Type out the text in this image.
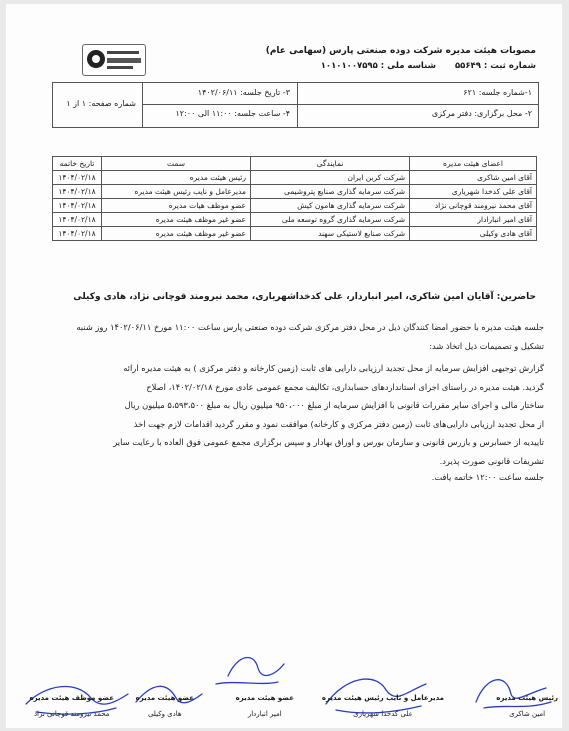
مصوبات هیئت مدیره شرکت دوده صنعتی پارس (سهامی عام)
شماره ثبت : ۵۵۶۴۹ شناسه ملی : ۱۰۱۰۱۰۰۷۵۹۵
۱-شماره جلسه: ۶۲۱
۲- محل برگزاری: دفتر مرکزی
۳- تاریخ جلسه: ۱۴۰۲/۰۶/۱۱
۴- ساعت جلسه: ۱۱:۰۰ الی ۱۲:۰۰
شماره صفحه: ۱ از ۱
اعضای هیئت مدیره	نمایندگی	سمت	تاریخ خاتمه
آقای امین شاکری	شرکت کربن ایران	رئیس هیئت مدیره	۱۴۰۴/۰۲/۱۸
آقای علی کدخدا شهریاری	شرکت سرمایه گذاری صنایع پتروشیمی	مدیرعامل و نایب رئیس هیئت مدیره	۱۴۰۴/۰۲/۱۸
آقای محمد نیرومند قوچانی نژاد	شرکت سرمایه گذاری هامون کیش	عضو موظف هیات مدیره	۱۴۰۴/۰۲/۱۸
آقای امیر انبارادار	شرکت سرمایه گذاری گروه توسعه ملی	عضو غیر موظف هیئت مدیره	۱۴۰۴/۰۲/۱۸
آقای هادی وکیلی	شرکت صنایع لاستیکی سهند	عضو غیر موظف هیئت مدیره	۱۴۰۴/۰۲/۱۸
حاضرین: آقایان امین شاکری، امیر انباردار، علی کدخداشهریاری، محمد نیرومند قوچانی نژاد، هادی وکیلی
جلسه هیئت مدیره با حضور امضا کنندگان ذیل در محل دفتر مرکزی شرکت دوده صنعتی پارس ساعت ۱۱:۰۰ مورخ ۱۴۰۲/۰۶/۱۱ روز شنبه
تشکیل و تصمیمات ذیل اتخاذ شد:
گزارش توجیهی افزایش سرمایه از محل تجدید ارزیابی دارایی های ثابت (زمین کارخانه و دفتر مرکزی ) به هیئت مدیره ارائه
گردید. هیئت مدیره در راستای اجرای استانداردهای حسابداری، تکالیف مجمع عمومی عادی مورخ ۱۴۰۲/۰۲/۱۸، اصلاح
ساختار مالی و اجرای سایر مقررات قانونی با افزایش سرمایه از مبلغ ۹۵۰،۰۰۰ میلیون ریال به مبلغ ۵،۵۹۳،۵۰۰ میلیون ریال
از محل تجدید ارزیابی دارایی‌های ثابت (زمین دفتر مرکزی و کارخانه) موافقت نمود و مقرر گردید اقدامات لازم جهت اخذ
تاییدیه از حسابرس و بازرس قانونی و سازمان بورس و اوراق بهادار و سپس برگزاری مجمع عمومی فوق العاده با رعایت سایر
تشریفات قانونی صورت پذیرد.
جلسه ساعت ۱۲:۰۰ خاتمه یافت.
رئیس هیئت مدیره
امین شاکری
مدیرعامل و نایب رئیس هیئت مدیره
علی کدخدا شهریاری
عضو هیئت مدیره
امیر انباردار
عضو هیئت مدیره
هادی وکیلی
عضو موظف هیئت مدیره
محمد نیرومند قوچانی نژاد
